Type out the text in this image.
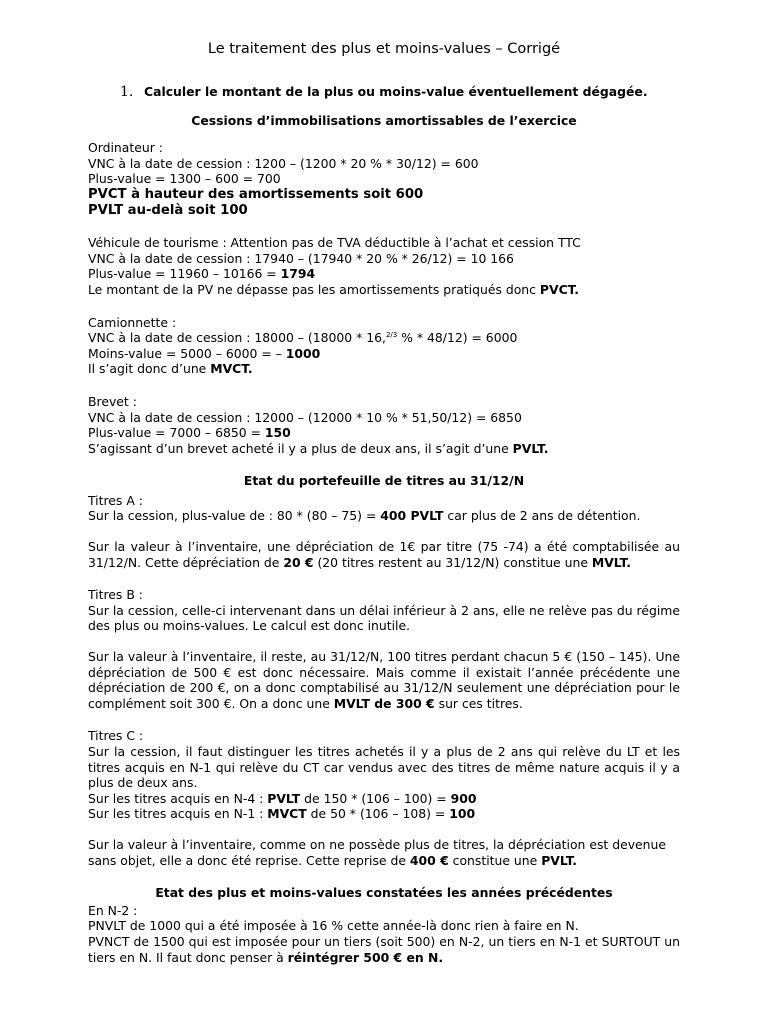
Le traitement des plus et moins-values – Corrigé
1. Calculer le montant de la plus ou moins-value éventuellement dégagée.
Cessions d’immobilisations amortissables de l’exercice
Ordinateur :
VNC à la date de cession : 1200 – (1200 * 20 % * 30/12) = 600
Plus-value = 1300 – 600 = 700
PVCT à hauteur des amortissements soit 600
PVLT au-delà soit 100
Véhicule de tourisme : Attention pas de TVA déductible à l’achat et cession TTC
VNC à la date de cession : 17940 – (17940 * 20 % * 26/12) = 10 166
Plus-value = 11960 – 10166 = 1794
Le montant de la PV ne dépasse pas les amortissements pratiqués donc PVCT.
Camionnette :
VNC à la date de cession : 18000 – (18000 * 16,$^{2/3}$ % * 48/12) = 6000
Moins-value = 5000 – 6000 = – 1000
Il s’agit donc d’une MVCT.
Brevet :
VNC à la date de cession : 12000 – (12000 * 10 % * 51,50/12) = 6850
Plus-value = 7000 – 6850 = 150
S’agissant d’un brevet acheté il y a plus de deux ans, il s’agit d’une PVLT.
Etat du portefeuille de titres au 31/12/N
Titres A :
Sur la cession, plus-value de : 80 * (80 – 75) = 400 PVLT car plus de 2 ans de détention.
Sur la valeur à l’inventaire, une dépréciation de 1€ par titre (75 -74) a été comptabilisée au 31/12/N. Cette dépréciation de 20 € (20 titres restent au 31/12/N) constitue une MVLT.
Titres B :
Sur la cession, celle-ci intervenant dans un délai inférieur à 2 ans, elle ne relève pas du régime des plus ou moins-values. Le calcul est donc inutile.
Sur la valeur à l’inventaire, il reste, au 31/12/N, 100 titres perdant chacun 5 € (150 – 145). Une dépréciation de 500 € est donc nécessaire. Mais comme il existait l’année précédente une dépréciation de 200 €, on a donc comptabilisé au 31/12/N seulement une dépréciation pour le complément soit 300 €. On a donc une MVLT de 300 € sur ces titres.
Titres C :
Sur la cession, il faut distinguer les titres achetés il y a plus de 2 ans qui relève du LT et les titres acquis en N-1 qui relève du CT car vendus avec des titres de même nature acquis il y a plus de deux ans.
Sur les titres acquis en N-4 : PVLT de 150 * (106 – 100) = 900
Sur les titres acquis en N-1 : MVCT de 50 * (106 – 108) = 100
Sur la valeur à l’inventaire, comme on ne possède plus de titres, la dépréciation est devenue sans objet, elle a donc été reprise. Cette reprise de 400 € constitue une PVLT.
Etat des plus et moins-values constatées les années précédentes
En N-2 :
PNVLT de 1000 qui a été imposée à 16 % cette année-là donc rien à faire en N.
PVNCT de 1500 qui est imposée pour un tiers (soit 500) en N-2, un tiers en N-1 et SURTOUT un tiers en N. Il faut donc penser à réintégrer 500 € en N.
